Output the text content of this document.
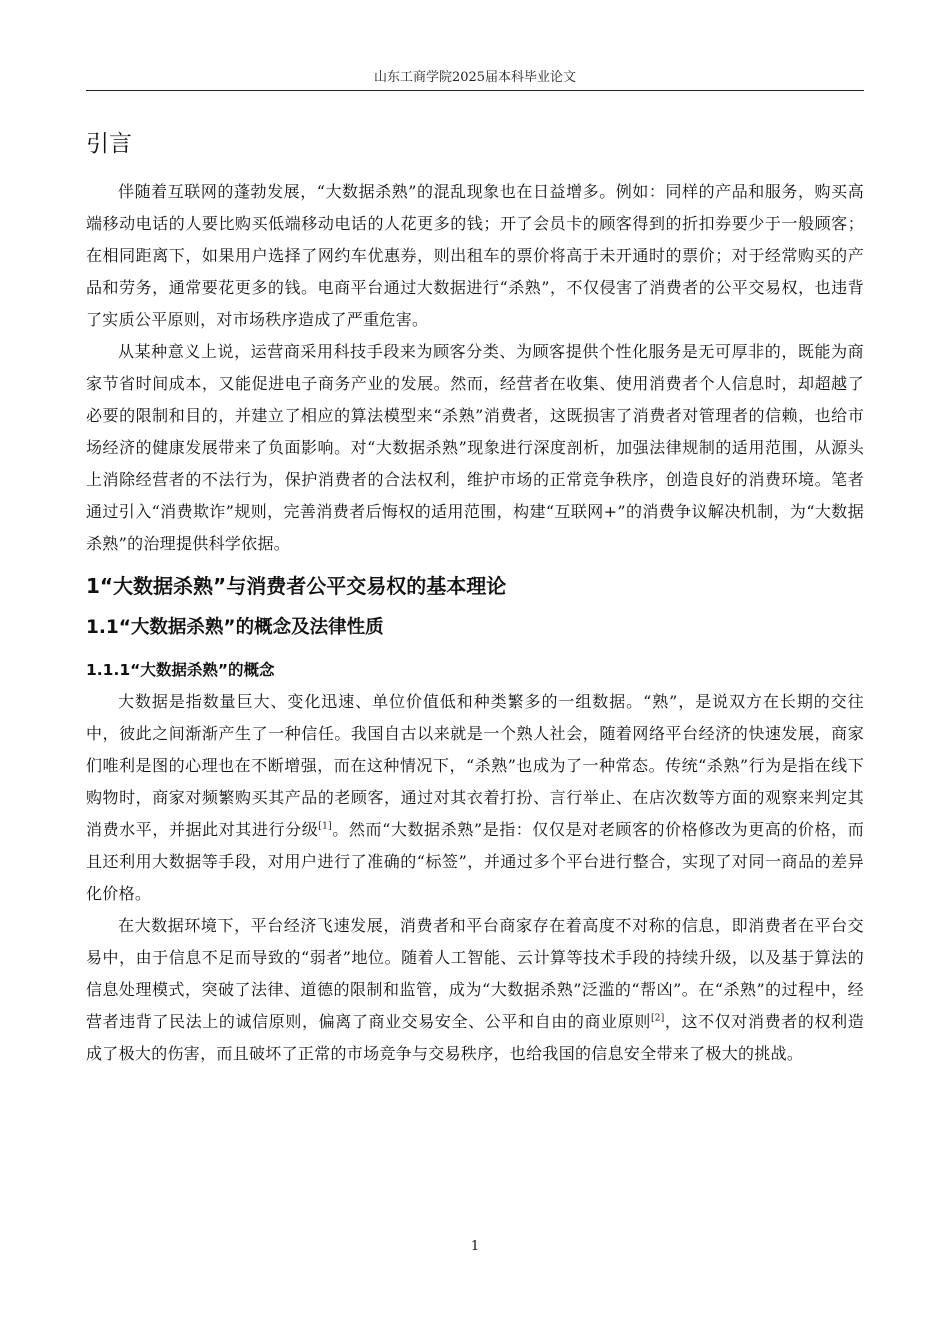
山东工商学院2025届本科毕业论文
引言

伴随着互联网的蓬勃发展，“大数据杀熟”的混乱现象也在日益增多。例如：同样的产品和服务，购买高端移动电话的人要比购买低端移动电话的人花更多的钱；开了会员卡的顾客得到的折扣券要少于一般顾客；在相同距离下，如果用户选择了网约车优惠券，则出租车的票价将高于未开通时的票价；对于经常购买的产品和劳务，通常要花更多的钱。电商平台通过大数据进行“杀熟”，不仅侵害了消费者的公平交易权，也违背了实质公平原则，对市场秩序造成了严重危害。

从某种意义上说，运营商采用科技手段来为顾客分类、为顾客提供个性化服务是无可厚非的，既能为商家节省时间成本，又能促进电子商务产业的发展。然而，经营者在收集、使用消费者个人信息时，却超越了必要的限制和目的，并建立了相应的算法模型来“杀熟”消费者，这既损害了消费者对管理者的信赖，也给市场经济的健康发展带来了负面影响。对“大数据杀熟”现象进行深度剖析，加强法律规制的适用范围，从源头上消除经营者的不法行为，保护消费者的合法权利，维护市场的正常竞争秩序，创造良好的消费环境。笔者通过引入“消费欺诈”规则，完善消费者后悔权的适用范围，构建“互联网+”的消费争议解决机制，为“大数据杀熟”的治理提供科学依据。

1“大数据杀熟”与消费者公平交易权的基本理论
1.1“大数据杀熟”的概念及法律性质
1.1.1“大数据杀熟”的概念

大数据是指数量巨大、变化迅速、单位价值低和种类繁多的一组数据。“熟”，是说双方在长期的交往中，彼此之间渐渐产生了一种信任。我国自古以来就是一个熟人社会，随着网络平台经济的快速发展，商家们唯利是图的心理也在不断增强，而在这种情况下，“杀熟”也成为了一种常态。传统“杀熟”行为是指在线下购物时，商家对频繁购买其产品的老顾客，通过对其衣着打扮、言行举止、在店次数等方面的观察来判定其消费水平，并据此对其进行分级[1]。然而“大数据杀熟”是指：仅仅是对老顾客的价格修改为更高的价格，而且还利用大数据等手段，对用户进行了准确的“标签”，并通过多个平台进行整合，实现了对同一商品的差异化价格。

在大数据环境下，平台经济飞速发展，消费者和平台商家存在着高度不对称的信息，即消费者在平台交易中，由于信息不足而导致的“弱者”地位。随着人工智能、云计算等技术手段的持续升级，以及基于算法的信息处理模式，突破了法律、道德的限制和监管，成为“大数据杀熟”泛滥的“帮凶”。在“杀熟”的过程中，经营者违背了民法上的诚信原则，偏离了商业交易安全、公平和自由的商业原则[2]，这不仅对消费者的权利造成了极大的伤害，而且破坏了正常的市场竞争与交易秩序，也给我国的信息安全带来了极大的挑战。

1
